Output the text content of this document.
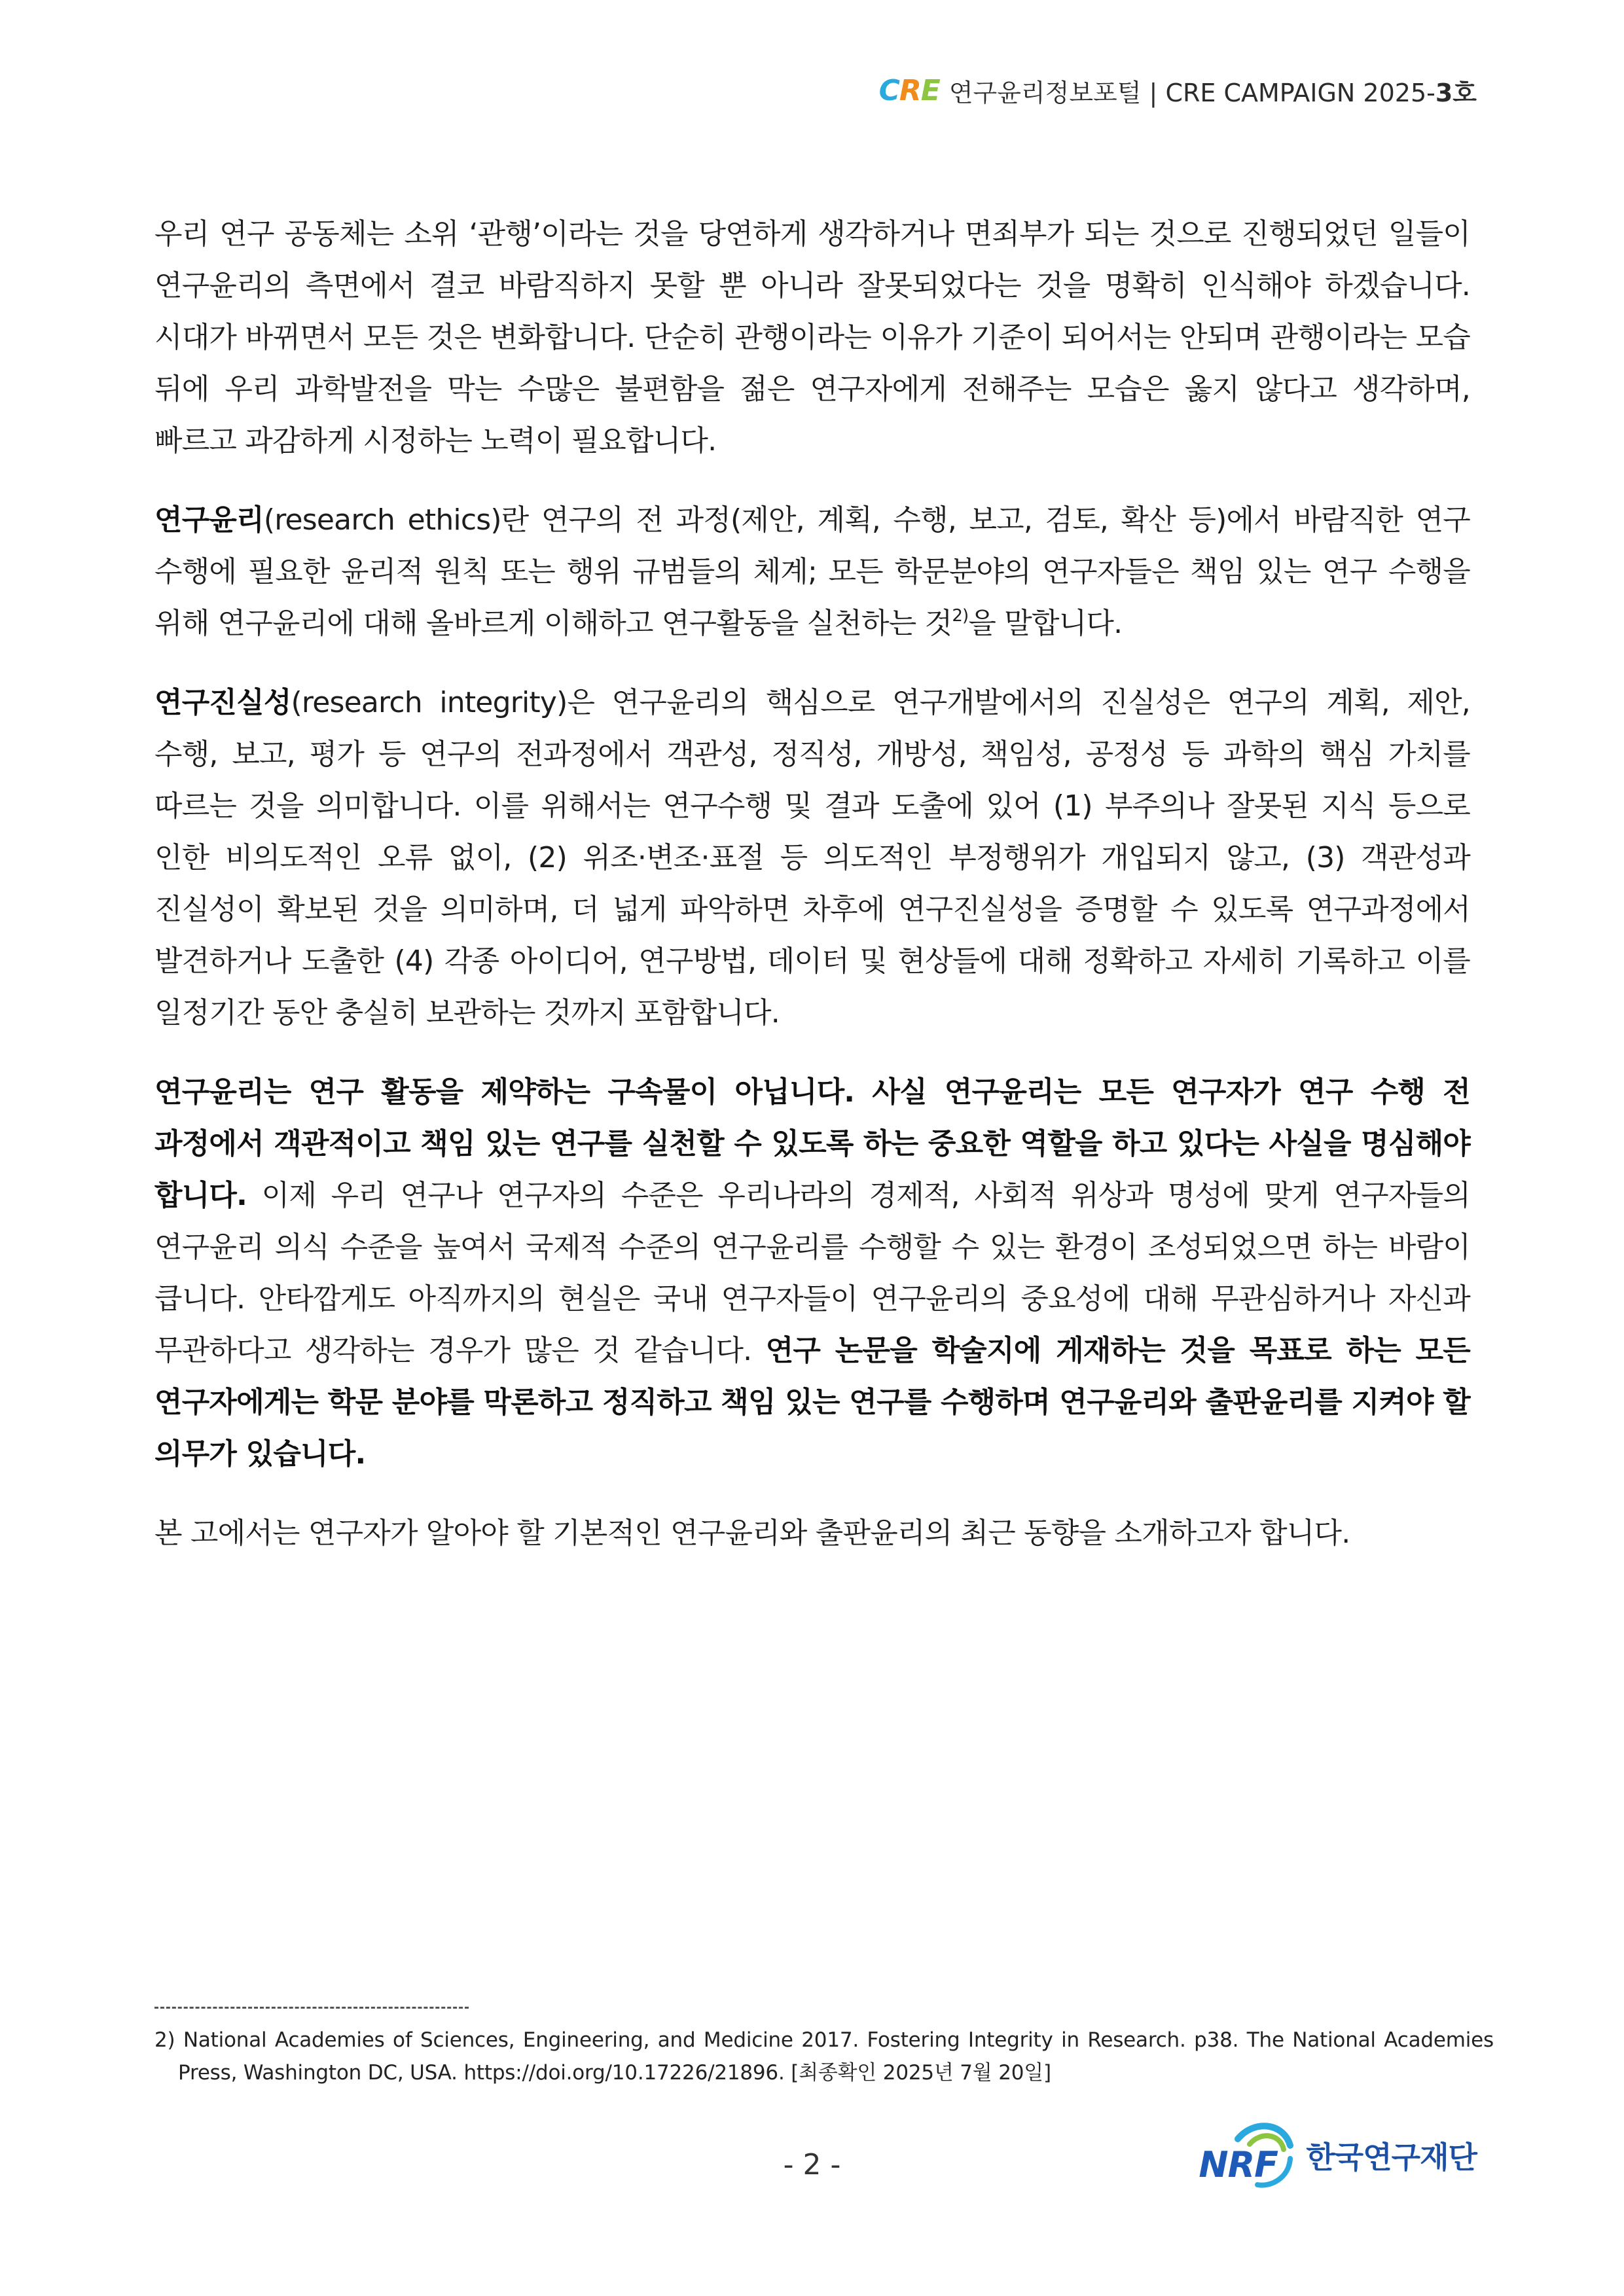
CRE 연구윤리정보포털 | CRE CAMPAIGN 2025- 3호

우리 연구 공동체는 소위 ‘관행’이라는 것을 당연하게 생각하거나 면죄부가 되는 것으로 진행되었던 일들이 연구윤리의 측면에서 결코 바람직하지 못할 뿐 아니라 잘못되었다는 것을 명확히 인식해야 하겠습니다. 시대가 바뀌면서 모든 것은 변화합니다. 단순히 관행이라는 이유가 기준이 되어서는 안되며 관행이라는 모습 뒤에 우리 과학발전을 막는 수많은 불편함을 젊은 연구자에게 전해주는 모습은 옳지 않다고 생각하며, 빠르고 과감하게 시정하는 노력이 필요합니다.

연구윤리(research ethics)란 연구의 전 과정(제안, 계획, 수행, 보고, 검토, 확산 등)에서 바람직한 연구 수행에 필요한 윤리적 원칙 또는 행위 규범들의 체계; 모든 학문분야의 연구자들은 책임 있는 연구 수행을 위해 연구윤리에 대해 올바르게 이해하고 연구활동을 실천하는 것$^{2)}$을 말합니다.

연구진실성(research integrity)은 연구윤리의 핵심으로 연구개발에서의 진실성은 연구의 계획, 제안, 수행, 보고, 평가 등 연구의 전과정에서 객관성, 정직성, 개방성, 책임성, 공정성 등 과학의 핵심 가치를 따르는 것을 의미합니다. 이를 위해서는 연구수행 및 결과 도출에 있어 (1) 부주의나 잘못된 지식 등으로 인한 비의도적인 오류 없이, (2) 위조·변조·표절 등 의도적인 부정행위가 개입되지 않고, (3) 객관성과 진실성이 확보된 것을 의미하며, 더 넓게 파악하면 차후에 연구진실성을 증명할 수 있도록 연구과정에서 발견하거나 도출한 (4) 각종 아이디어, 연구방법, 데이터 및 현상들에 대해 정확하고 자세히 기록하고 이를 일정기간 동안 충실히 보관하는 것까지 포함합니다.

연구윤리는 연구 활동을 제약하는 구속물이 아닙니다. 사실 연구윤리는 모든 연구자가 연구 수행 전 과정에서 객관적이고 책임 있는 연구를 실천할 수 있도록 하는 중요한 역할을 하고 있다는 사실을 명심해야 합니다. 이제 우리 연구나 연구자의 수준은 우리나라의 경제적, 사회적 위상과 명성에 맞게 연구자들의 연구윤리 의식 수준을 높여서 국제적 수준의 연구윤리를 수행할 수 있는 환경이 조성되었으면 하는 바람이 큽니다. 안타깝게도 아직까지의 현실은 국내 연구자들이 연구윤리의 중요성에 대해 무관심하거나 자신과 무관하다고 생각하는 경우가 많은 것 같습니다. 연구 논문을 학술지에 게재하는 것을 목표로 하는 모든 연구자에게는 학문 분야를 막론하고 정직하고 책임 있는 연구를 수행하며 연구윤리와 출판윤리를 지켜야 할 의무가 있습니다.

본 고에서는 연구자가 알아야 할 기본적인 연구윤리와 출판윤리의 최근 동향을 소개하고자 합니다.

2) National Academies of Sciences, Engineering, and Medicine 2017. Fostering Integrity in Research. p38. The National Academies Press, Washington DC, USA. https://doi.org/10.17226/21896. [최종확인 2025년 7월 20일]
- 2 -	NRF 한국연구재단
